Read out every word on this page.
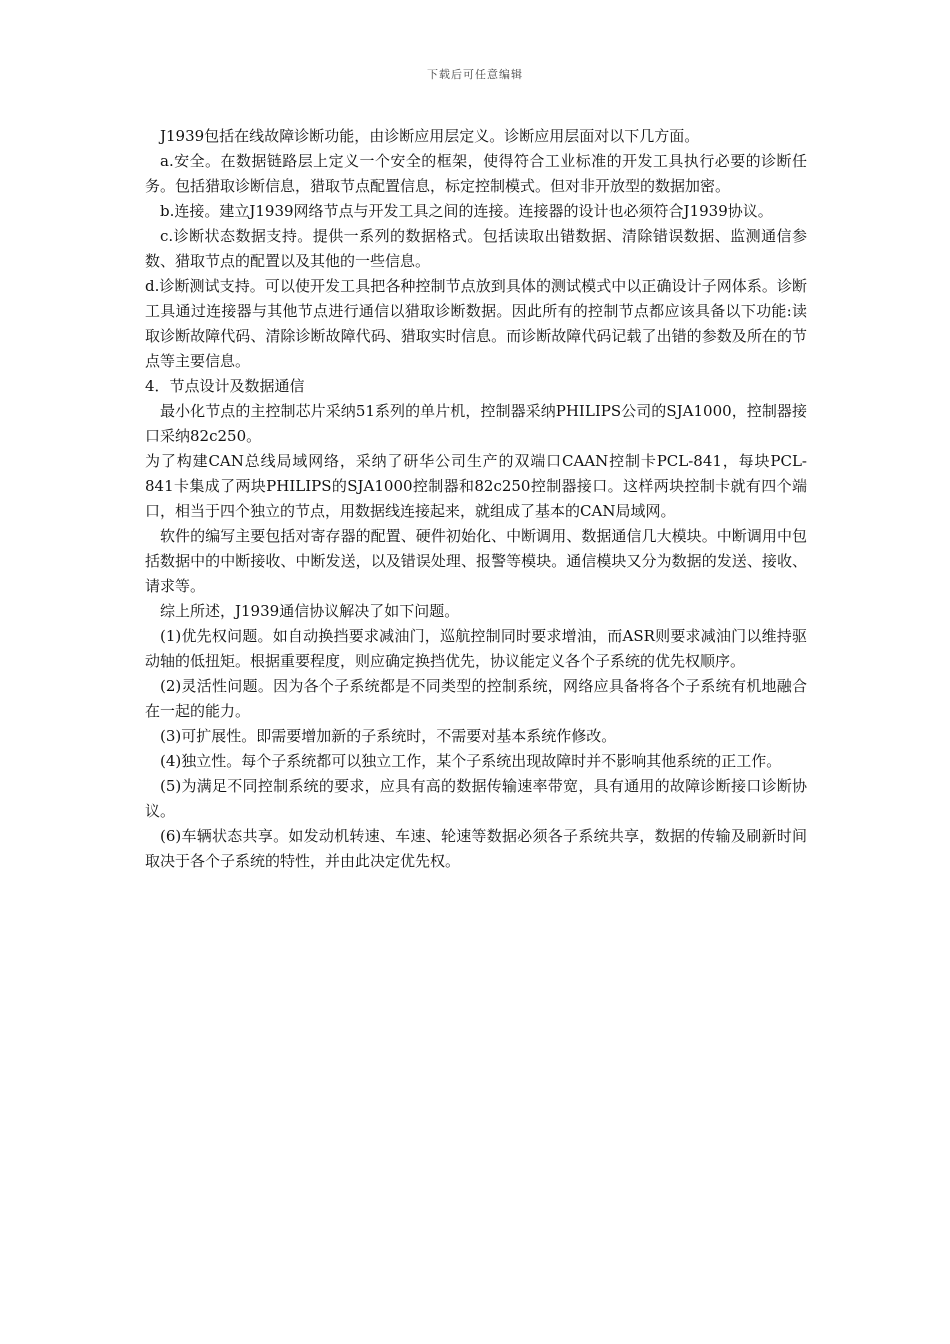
下载后可任意编辑

J1939包括在线故障诊断功能，由诊断应用层定义。诊断应用层面对以下几方面。

a.安全。在数据链路层上定义一个安全的框架，使得符合工业标准的开发工具执行必要的诊断任务。包括猎取诊断信息，猎取节点配置信息，标定控制模式。但对非开放型的数据加密。

b.连接。建立J1939网络节点与开发工具之间的连接。连接器的设计也必须符合J1939协议。

c.诊断状态数据支持。提供一系列的数据格式。包括读取出错数据、清除错误数据、监测通信参数、猎取节点的配置以及其他的一些信息。

d.诊断测试支持。可以使开发工具把各种控制节点放到具体的测试模式中以正确设计子网体系。诊断工具通过连接器与其他节点进行通信以猎取诊断数据。因此所有的控制节点都应该具备以下功能:读取诊断故障代码、清除诊断故障代码、猎取实时信息。而诊断故障代码记载了出错的参数及所在的节点等主要信息。

4．节点设计及数据通信

最小化节点的主控制芯片采纳51系列的单片机，控制器采纳PHILIPS公司的SJA1000，控制器接口采纳82c250。

为了构建CAN总线局域网络，采纳了研华公司生产的双端口CAAN控制卡PCL-841，每块PCL-841卡集成了两块PHILIPS的SJA1000控制器和82c250控制器接口。这样两块控制卡就有四个端口，相当于四个独立的节点，用数据线连接起来，就组成了基本的CAN局域网。

软件的编写主要包括对寄存器的配置、硬件初始化、中断调用、数据通信几大模块。中断调用中包括数据中的中断接收、中断发送，以及错误处理、报警等模块。通信模块又分为数据的发送、接收、请求等。

综上所述，J1939通信协议解决了如下问题。

(1)优先权问题。如自动换挡要求减油门，巡航控制同时要求增油，而ASR则要求减油门以维持驱动轴的低扭矩。根据重要程度，则应确定换挡优先，协议能定义各个子系统的优先权顺序。

(2)灵活性问题。因为各个子系统都是不同类型的控制系统，网络应具备将各个子系统有机地融合在一起的能力。

(3)可扩展性。即需要增加新的子系统时，不需要对基本系统作修改。

(4)独立性。每个子系统都可以独立工作，某个子系统出现故障时并不影响其他系统的正工作。

(5)为满足不同控制系统的要求，应具有高的数据传输速率带宽，具有通用的故障诊断接口诊断协议。

(6)车辆状态共享。如发动机转速、车速、轮速等数据必须各子系统共享，数据的传输及刷新时间取决于各个子系统的特性，并由此决定优先权。
